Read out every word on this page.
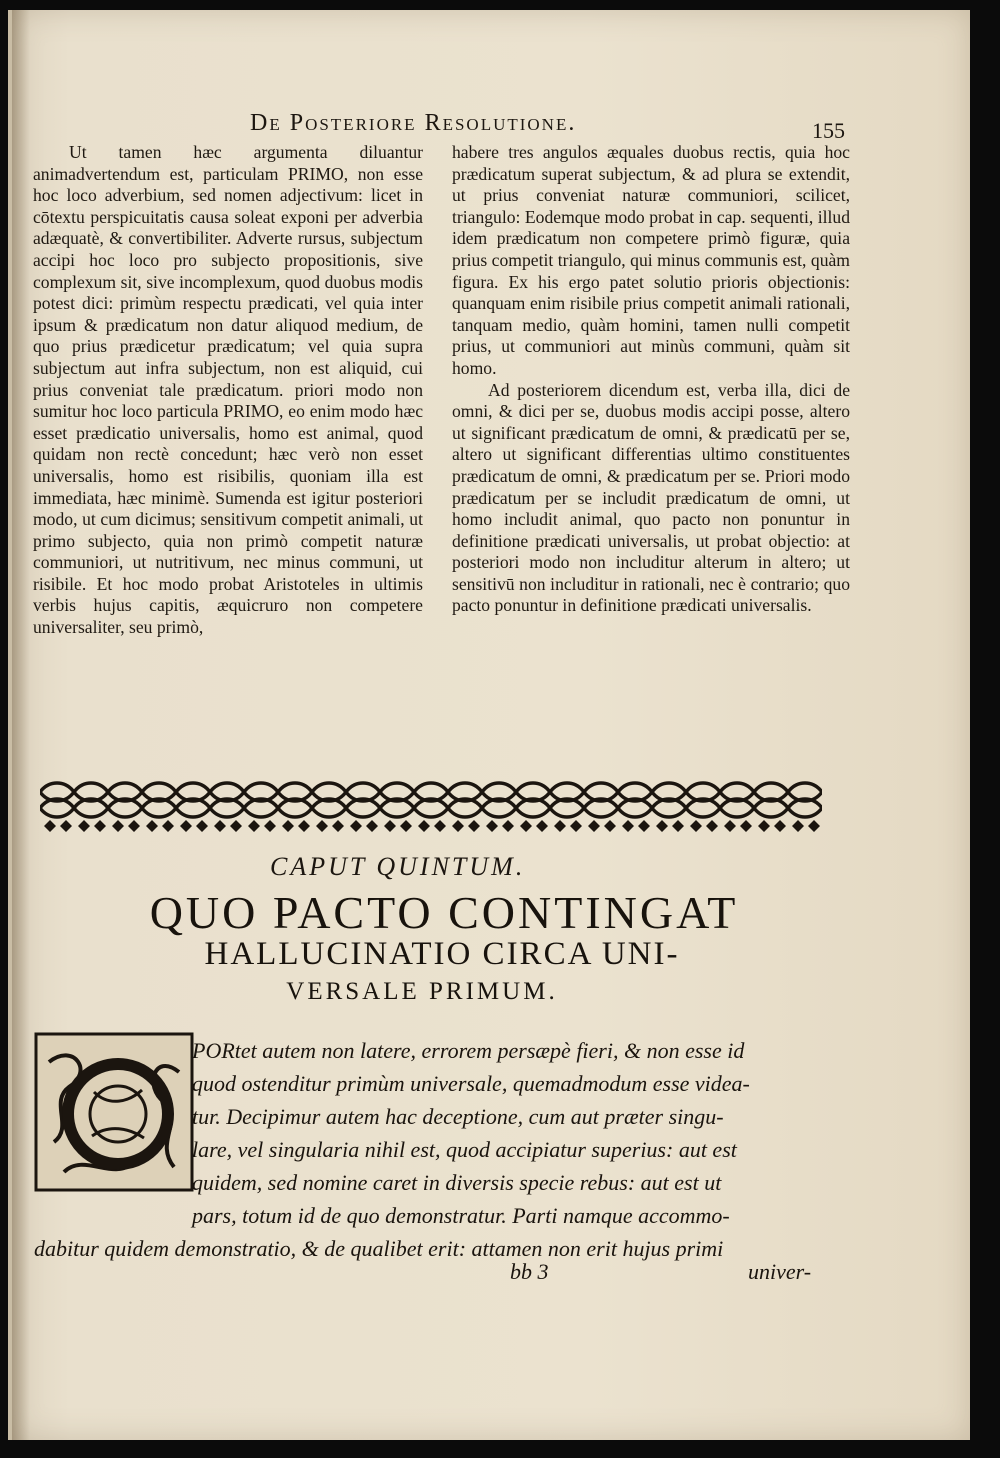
De Posteriore Resolutione.	155

Ut tamen hæc argumenta diluantur animadvertendum est, particulam PRIMO, non esse hoc loco adverbium, sed nomen adjectivum: licet in cōtextu perspicuitatis causa soleat exponi per adverbia adæquatè, & convertibiliter. Adverte rursus, subjectum accipi hoc loco pro subjecto propositionis, sive complexum sit, sive incomplexum, quod duobus modis potest dici: primùm respectu prædicati, vel quia inter ipsum & prædicatum non datur aliquod medium, de quo prius prædicetur prædicatum; vel quia supra subjectum aut infra subjectum, non est aliquid, cui prius conveniat tale prædicatum. priori modo non sumitur hoc loco particula PRIMO, eo enim modo hæc esset prædicatio universalis, homo est animal, quod quidam non rectè concedunt; hæc verò non esset universalis, homo est risibilis, quoniam illa est immediata, hæc minimè. Sumenda est igitur posteriori modo, ut cum dicimus; sensitivum competit animali, ut primo subjecto, quia non primò competit naturæ communiori, ut nutritivum, nec minus communi, ut risibile. Et hoc modo probat Aristoteles in ultimis verbis hujus capitis, æquicruro non competere universaliter, seu primò,

habere tres angulos æquales duobus rectis, quia hoc prædicatum superat subjectum, & ad plura se extendit, ut prius conveniat naturæ communiori, scilicet, triangulo: Eodemque modo probat in cap. sequenti, illud idem prædicatum non competere primò figuræ, quia prius competit triangulo, qui minus communis est, quàm figura. Ex his ergo patet solutio prioris objectionis: quanquam enim risibile prius competit animali rationali, tanquam medio, quàm homini, tamen nulli competit prius, ut communiori aut minùs communi, quàm sit homo.

Ad posteriorem dicendum est, verba illa, dici de omni, & dici per se, duobus modis accipi posse, altero ut significant prædicatum de omni, & prædicatū per se, altero ut significant differentias ultimo constituentes prædicatum de omni, & prædicatum per se. Priori modo prædicatum per se includit prædicatum de omni, ut homo includit animal, quo pacto non ponuntur in definitione prædicati universalis, ut probat objectio: at posteriori modo non includitur alterum in altero; ut sensitivū non includitur in rationali, nec è contrario; quo pacto ponuntur in definitione prædicati universalis.

CAPUT QUINTUM.
QUO PACTO CONTINGAT
HALLUCINATIO CIRCA UNI-
VERSALE PRIMUM.
PORtet autem non latere, errorem persæpè fieri, & non esse id
quod ostenditur primùm universale, quemadmodum esse videa-
tur. Decipimur autem hac deceptione, cum aut præter singu-
lare, vel singularia nihil est, quod accipiatur superius: aut est
quidem, sed nomine caret in diversis specie rebus: aut est ut
pars, totum id de quo demonstratur. Parti namque accommo-
dabitur quidem demonstratio, & de qualibet erit: attamen non erit hujus primi
bb 3	univer-
